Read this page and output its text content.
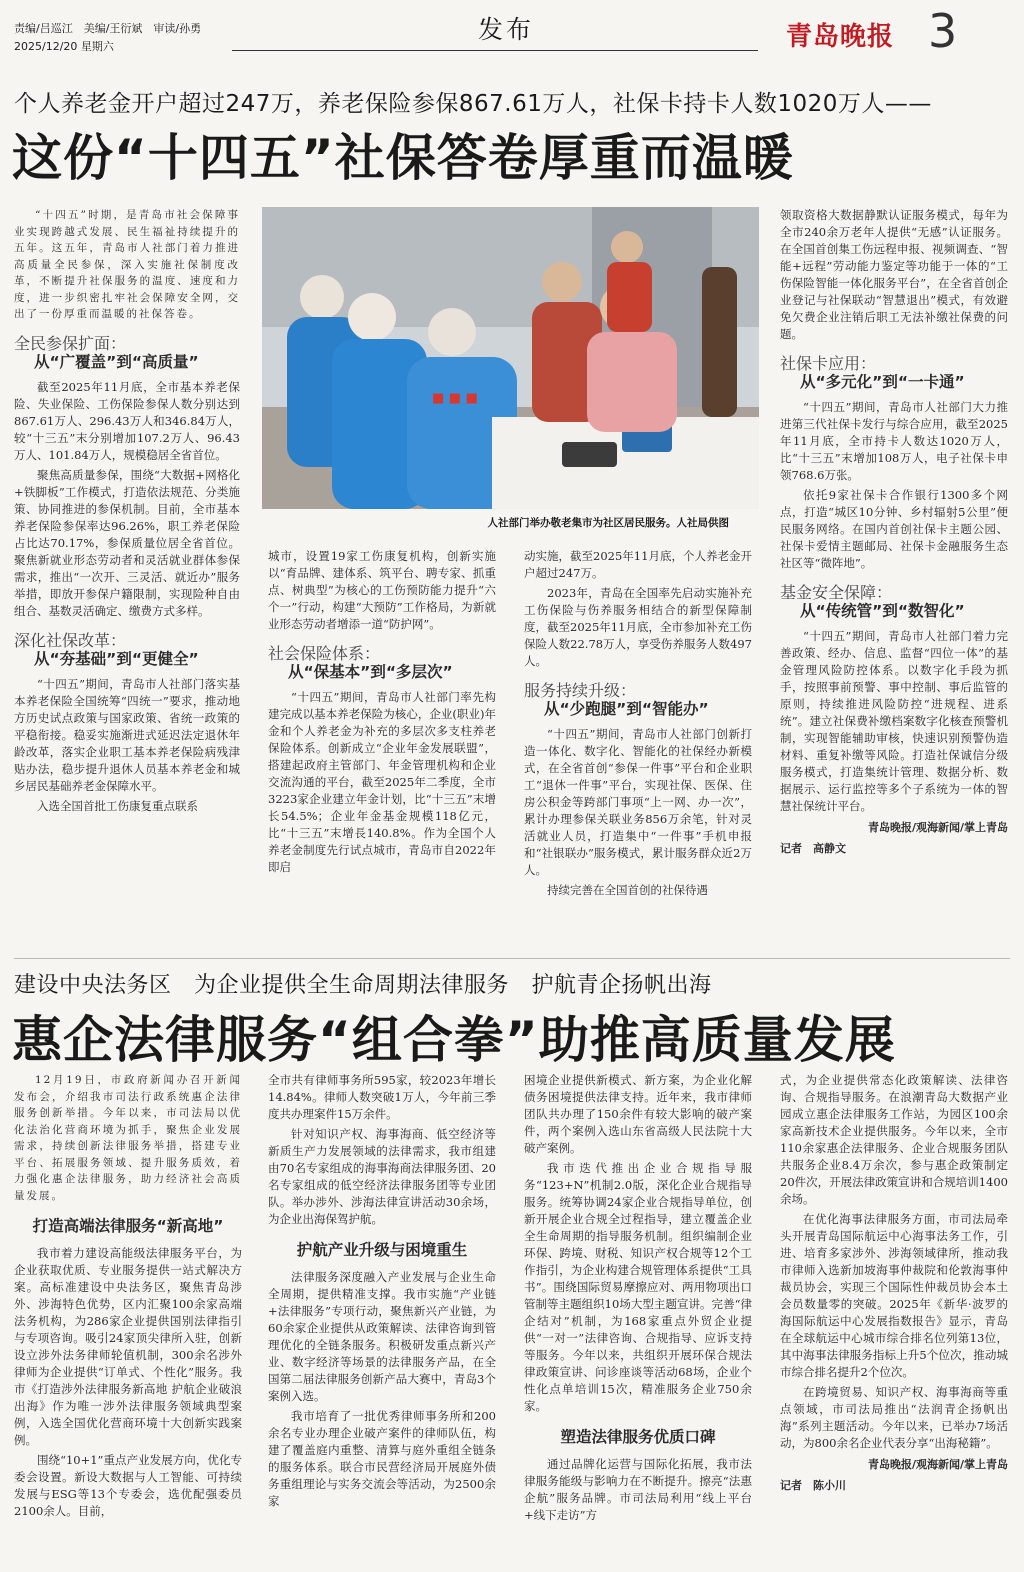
责编/吕巡江　美编/王衍斌　审读/孙勇
2025/12/20 星期六
发布	青岛晚报 3
个人养老金开户超过247万，养老保险参保867.61万人，社保卡持卡人数1020万人——
这份“十四五”社保答卷厚重而温暖

“十四五”时期，是青岛市社会保障事业实现跨越式发展、民生福祉持续提升的五年。这五年，青岛市人社部门着力推进高质量全民参保，深入实施社保制度改革，不断提升社保服务的温度、速度和力度，进一步织密扎牢社会保障安全网，交出了一份厚重而温暖的社保答卷。

全民参保扩面：
从“广覆盖”到“高质量”

截至2025年11月底，全市基本养老保险、失业保险、工伤保险参保人数分别达到867.61万人、296.43万人和346.84万人，较“十三五”末分别增加107.2万人、96.43万人、101.84万人，规模稳居全省首位。

聚焦高质量参保，围绕“大数据+网格化+铁脚板”工作模式，打造依法规范、分类施策、协同推进的参保机制。目前，全市基本养老保险参保率达96.26%，职工养老保险占比达70.17%，参保质量位居全省首位。聚焦新就业形态劳动者和灵活就业群体参保需求，推出“一次开、三灵活、就近办”服务举措，即放开参保户籍限制，实现险种自由组合、基数灵活确定、缴费方式多样。

深化社保改革：
从“夯基础”到“更健全”

“十四五”期间，青岛市人社部门落实基本养老保险全国统筹“四统一”要求，推动地方历史试点政策与国家政策、省统一政策的平稳衔接。稳妥实施渐进式延迟法定退休年龄改革，落实企业职工基本养老保险病残津贴办法，稳步提升退休人员基本养老金和城乡居民基础养老金保障水平。

入选全国首批工伤康复重点联系

■ ■ ■
人社部门举办敬老集市为社区居民服务。人社局供图

城市，设置19家工伤康复机构，创新实施以“育品牌、建体系、筑平台、聘专家、抓重点、树典型”为核心的工伤预防能力提升“六个一”行动，构建“大预防”工作格局，为新就业形态劳动者增添一道“防护网”。

社会保险体系：
从“保基本”到“多层次”

“十四五”期间，青岛市人社部门率先构建完成以基本养老保险为核心，企业(职业)年金和个人养老金为补充的多层次多支柱养老保险体系。创新成立“企业年金发展联盟”，搭建起政府主管部门、年金管理机构和企业交流沟通的平台，截至2025年二季度，全市3223家企业建立年金计划，比“十三五”末增长54.5%；企业年金基金规模118亿元，比“十三五”末增長140.8%。作为全国个人养老金制度先行试点城市，青岛市自2022年即启

动实施，截至2025年11月底，个人养老金开户超过247万。

2023年，青岛在全国率先启动实施补充工伤保险与伤养服务相结合的新型保障制度，截至2025年11月底，全市参加补充工伤保险人数22.78万人，享受伤养服务人数497人。

服务持续升级：
从“少跑腿”到“智能办”

“十四五”期间，青岛市人社部门创新打造一体化、数字化、智能化的社保经办新模式，在全省首创“参保一件事”平台和企业职工“退休一件事”平台，实现社保、医保、住房公积金等跨部门事项“上一网、办一次”，累计办理参保关联业务856万余笔，针对灵活就业人员，打造集中“一件事”手机申报和“社银联办”服务模式，累计服务群众近2万人。

持续完善在全国首创的社保待遇

领取资格大数据静默认证服务模式，每年为全市240余万老年人提供“无感”认证服务。在全国首创集工伤远程申报、视频调查、“智能+远程”劳动能力鉴定等功能于一体的“工伤保险智能一体化服务平台”，在全省首创企业登记与社保联动“智慧退出”模式，有效避免欠费企业注销后职工无法补缴社保费的问题。

社保卡应用：
从“多元化”到“一卡通”

“十四五”期间，青岛市人社部门大力推进第三代社保卡发行与综合应用，截至2025年11月底，全市持卡人数达1020万人，比“十三五”末增加108万人，电子社保卡申领768.6万张。

依托9家社保卡合作银行1300多个网点，打造“城区10分钟、乡村辐射5公里”便民服务网络。在国内首创社保卡主题公园、社保卡爱情主题邮局、社保卡金融服务生态社区等“微阵地”。

基金安全保障：
从“传统管”到“数智化”

“十四五”期间，青岛市人社部门着力完善政策、经办、信息、监督“四位一体”的基金管理风险防控体系。以数字化手段为抓手，按照事前预警、事中控制、事后监管的原则，持续推进风险防控“进规程、进系统”。建立社保费补缴档案数字化核查预警机制，实现智能辅助审核，快速识别预警伪造材料、重复补缴等风险。打造社保诚信分级服务模式，打造集统计管理、数据分析、数据展示、运行监控等多个子系统为一体的智慧社保统计平台。

青岛晚报/观海新闻/掌上青岛
记者　高静文
建设中央法务区　为企业提供全生命周期法律服务　护航青企扬帆出海
惠企法律服务“组合拳”助推高质量发展

12月19日，市政府新闻办召开新闻发布会，介绍我市司法行政系统惠企法律服务创新举措。今年以来，市司法局以优化法治化营商环境为抓手，聚焦企业发展需求，持续创新法律服务举措，搭建专业平台、拓展服务领域、提升服务质效，着力强化惠企法律服务，助力经济社会高质量发展。

打造高端法律服务“新高地”

我市着力建设高能级法律服务平台，为企业获取优质、专业服务提供一站式解决方案。高标准建设中央法务区，聚焦青岛涉外、涉海特色优势，区内汇聚100余家高端法务机构，为286家企业提供国别法律指引与专项咨询。吸引24家顶尖律所入驻，创新设立涉外法务律师轮值机制，300余名涉外律师为企业提供“订单式、个性化”服务。我市《打造涉外法律服务新高地 护航企业破浪出海》作为唯一涉外法律服务领域典型案例，入选全国优化营商环境十大创新实践案例。

围绕“10+1”重点产业发展方向，优化专委会设置。新设大数据与人工智能、可持续发展与ESG等13个专委会，选优配强委员2100余人。目前，

全市共有律师事务所595家，较2023年增长14.84%。律师人数突破1万人，今年前三季度共办理案件15万余件。

针对知识产权、海事海商、低空经济等新质生产力发展领域的法律需求，我市组建由70名专家组成的海事海商法律服务团、20名专家组成的低空经济法律服务团等专业团队。举办涉外、涉海法律宣讲活动30余场，为企业出海保驾护航。

护航产业升级与困境重生

法律服务深度融入产业发展与企业生命全周期，提供精准支撑。我市实施“产业链+法律服务”专项行动，聚焦新兴产业链，为60余家企业提供从政策解读、法律咨询到管理优化的全链条服务。积极研发重点新兴产业、数字经济等场景的法律服务产品，在全国第二届法律服务创新产品大赛中，青岛3个案例入选。

我市培育了一批优秀律师事务所和200余名专业办理企业破产案件的律师队伍，构建了覆盖庭内重整、清算与庭外重组全链条的服务体系。联合市民营经济局开展庭外债务重组理论与实务交流会等活动，为2500余家

困境企业提供新模式、新方案，为企业化解债务困境提供法律支持。近年来，我市律师团队共办理了150余件有较大影响的破产案件，两个案例入选山东省高级人民法院十大破产案例。

我市迭代推出企业合规指导服务“123+N”机制2.0版，深化企业合规指导服务。统筹协调24家企业合规指导单位，创新开展企业合规全过程指导，建立覆盖企业全生命周期的指导服务机制。组织编制企业环保、跨境、财税、知识产权合规等12个工作指引，为企业构建合规管理体系提供“工具书”。围绕国际贸易摩擦应对、两用物项出口管制等主题组织10场大型主题宣讲。完善“律企结对”机制，为168家重点外贸企业提供“一对一”法律咨询、合规指导、应诉支持等服务。今年以来，共组织开展环保合规法律政策宣讲、问诊座谈等活动68场，企业个性化点单培训15次，精准服务企业750余家。

塑造法律服务优质口碑

通过品牌化运营与国际化拓展，我市法律服务能级与影响力在不断提升。擦亮“法惠企航”服务品牌。市司法局利用“线上平台+线下走访”方

式，为企业提供常态化政策解读、法律咨询、合规指导服务。在浪潮青岛大数据产业园成立惠企法律服务工作站，为园区100余家高新技术企业提供服务。今年以来，全市110余家惠企法律服务、企业合规服务团队共服务企业8.4万余次，参与惠企政策制定20件次，开展法律政策宣讲和合规培训1400余场。

在优化海事法律服务方面，市司法局牵头开展青岛国际航运中心海事法务工作，引进、培育多家涉外、涉海领域律所，推动我市律师入选新加坡海事仲裁院和伦敦海事仲裁员协会，实现三个国际性仲裁员协会本土会员数量零的突破。2025年《新华·波罗的海国际航运中心发展指数报告》显示，青岛在全球航运中心城市综合排名位列第13位，其中海事法律服务指标上升5个位次，推动城市综合排名提升2个位次。

在跨境贸易、知识产权、海事海商等重点领域，市司法局推出“法润青企扬帆出海”系列主题活动。今年以来，已举办7场活动，为800余名企业代表分享“出海秘籍”。

青岛晚报/观海新闻/掌上青岛
记者　陈小川
